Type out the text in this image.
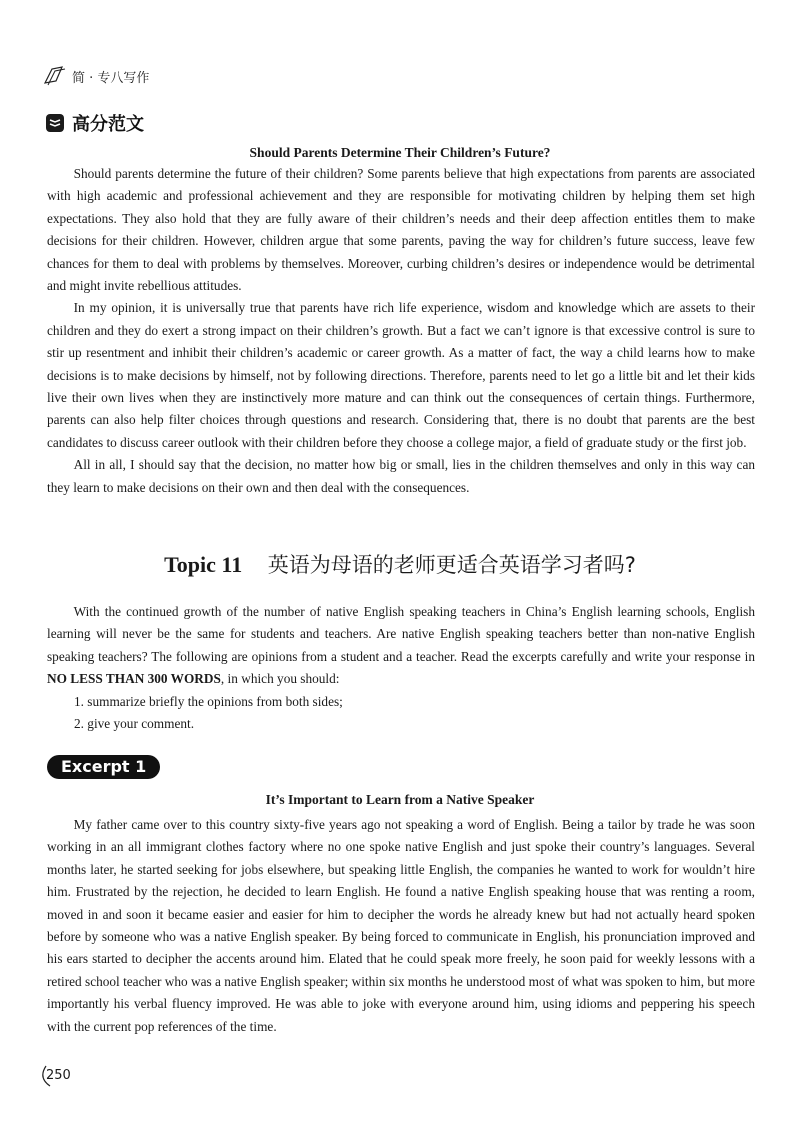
简 · 专八写作
高分范文
Should Parents Determine Their Children’s Future?

Should parents determine the future of their children? Some parents believe that high expectations from parents are associated with high academic and professional achievement and they are responsible for motivating children by helping them set high expectations. They also hold that they are fully aware of their children’s needs and their deep affection entitles them to make decisions for their children. However, children argue that some parents, paving the way for children’s future success, leave few chances for them to deal with problems by themselves. Moreover, curbing children’s desires or independence would be detrimental and might invite rebellious attitudes.

In my opinion, it is universally true that parents have rich life experience, wisdom and knowledge which are assets to their children and they do exert a strong impact on their children’s growth. But a fact we can’t ignore is that excessive control is sure to stir up resentment and inhibit their children’s academic or career growth. As a matter of fact, the way a child learns how to make decisions is to make decisions by himself, not by following directions. Therefore, parents need to let go a little bit and let their kids live their own lives when they are instinctively more mature and can think out the consequences of certain things. Furthermore, parents can also help filter choices through questions and research. Considering that, there is no doubt that parents are the best candidates to discuss career outlook with their children before they choose a college major, a field of graduate study or the first job.

All in all, I should say that the decision, no matter how big or small, lies in the children themselves and only in this way can they learn to make decisions on their own and then deal with the consequences.

Topic 11 英语为母语的老师更适合英语学习者吗?

With the continued growth of the number of native English speaking teachers in China’s English learning schools, English learning will never be the same for students and teachers. Are native English speaking teachers better than non-native English speaking teachers? The following are opinions from a student and a teacher. Read the excerpts carefully and write your response in NO LESS THAN 300 WORDS, in which you should:

1. summarize briefly the opinions from both sides;

2. give your comment.

Excerpt 1
It’s Important to Learn from a Native Speaker

My father came over to this country sixty-five years ago not speaking a word of English. Being a tailor by trade he was soon working in an all immigrant clothes factory where no one spoke native English and just spoke their country’s languages. Several months later, he started seeking for jobs elsewhere, but speaking little English, the companies he wanted to work for wouldn’t hire him. Frustrated by the rejection, he decided to learn English. He found a native English speaking house that was renting a room, moved in and soon it became easier and easier for him to decipher the words he already knew but had not actually heard spoken before by someone who was a native English speaker. By being forced to communicate in English, his pronunciation improved and his ears started to decipher the accents around him. Elated that he could speak more freely, he soon paid for weekly lessons with a retired school teacher who was a native English speaker; within six months he understood most of what was spoken to him, but more importantly his verbal fluency improved. He was able to joke with everyone around him, using idioms and peppering his speech with the current pop references of the time.

250
